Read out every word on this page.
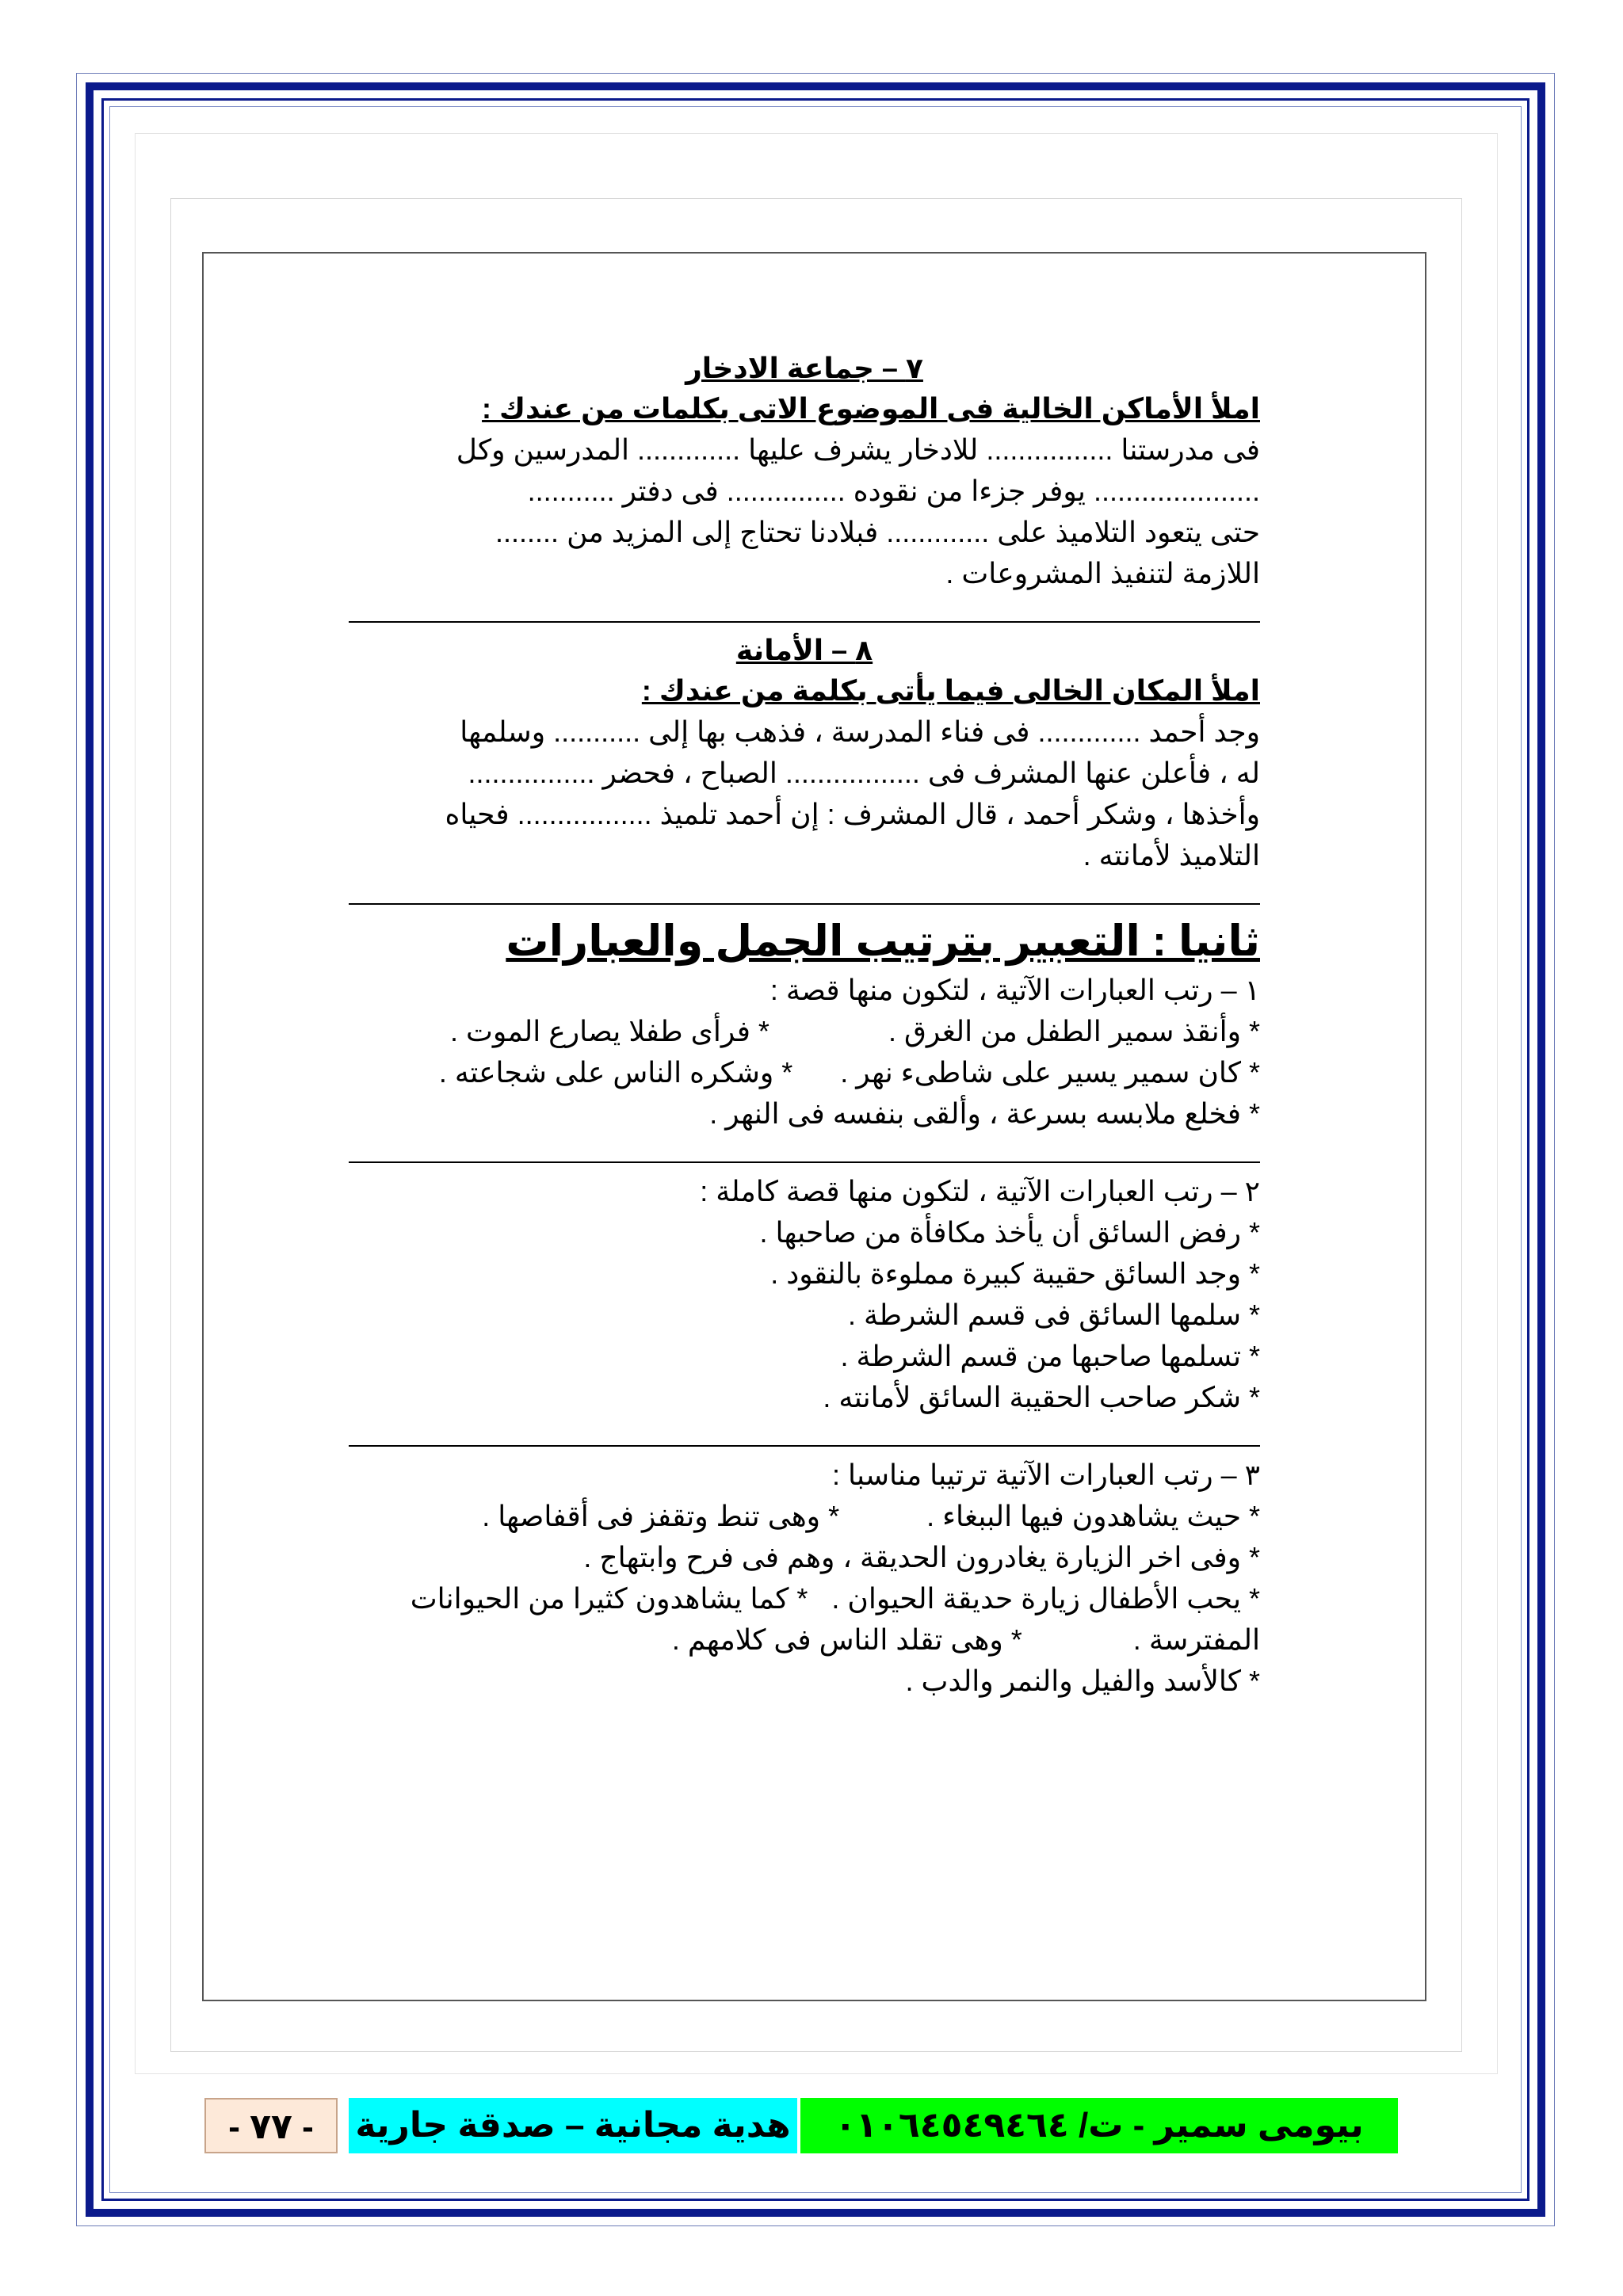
٧ – جماعة الادخار
املأ الأماكن الخالية فى الموضوع الاتى بكلمات من عندك :
فى مدرستنا ................ للادخار يشرف عليها ............. المدرسين وكل
..................... يوفر جزءا من نقوده ............... فى دفتر ...........
حتى يتعود التلاميذ على ............. فبلادنا تحتاج إلى المزيد من ........
اللازمة لتنفيذ المشروعات .
٨ – الأمانة
املأ المكان الخالى فيما يأتى بكلمة من عندك :
وجد أحمد ............. فى فناء المدرسة ، فذهب بها إلى ........... وسلمها
له ، فأعلن عنها المشرف فى ................. الصباح ، فحضر ................
وأخذها ، وشكر أحمد ، قال المشرف : إن أحمد تلميذ ................. فحياه
التلاميذ لأمانته .
ثانيا : التعبير بترتيب الجمل والعبارات
١ – رتب العبارات الآتية ، لتكون منها قصة :
* وأنقذ سمير الطفل من الغرق .               * فرأى طفلا يصارع الموت .
* كان سمير يسير على شاطىء نهر .      * وشكره الناس على شجاعته .
* فخلع ملابسه بسرعة ، وألقى بنفسه فى النهر .
٢ – رتب العبارات الآتية ، لتكون منها قصة كاملة :
* رفض السائق أن يأخذ مكافأة من صاحبها .
* وجد السائق حقيبة كبيرة مملوءة بالنقود .
* سلمها السائق فى قسم الشرطة .
* تسلمها صاحبها من قسم الشرطة .
* شكر صاحب الحقيبة السائق لأمانته .
٣ – رتب العبارات الآتية ترتيبا مناسبا :
* حيث يشاهدون فيها الببغاء .           * وهى تنط وتقفز فى أقفاصها .
* وفى اخر الزيارة يغادرون الحديقة ، وهم فى فرح وابتهاج .
* يحب الأطفال زيارة حديقة الحيوان .   * كما يشاهدون كثيرا من الحيوانات
المفترسة .              * وهى تقلد الناس فى كلامهم .
* كالأسد والفيل والنمر والدب .
بيومى سمير - ت/ ٠١٠٦٤٥٤٩٤٦٤
هدية مجانية – صدقة جارية
- ٧٧ -
